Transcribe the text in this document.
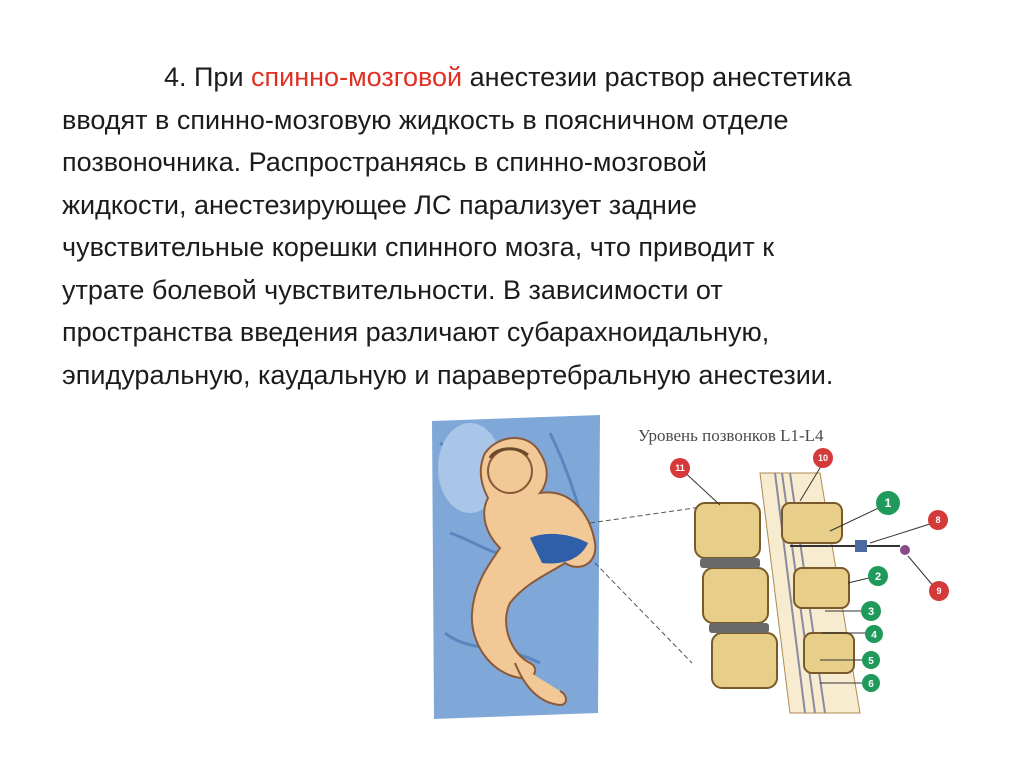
4. При спинно-мозговой анестезии раствор анестетика
вводят в спинно-мозговую жидкость в поясничном отделе
позвоночника. Распространяясь в спинно-мозговой
жидкости, анестезирующее ЛС парализует задние
чувствительные корешки спинного мозга, что приводит к
утрате болевой чувствительности. В зависимости от
пространства введения различают субарахноидальную,
эпидуральную, каудальную и паравертебральную анестезии.
Уровень позвонков L1-L4
11
10
8
9
1
2
3
4
5
6
